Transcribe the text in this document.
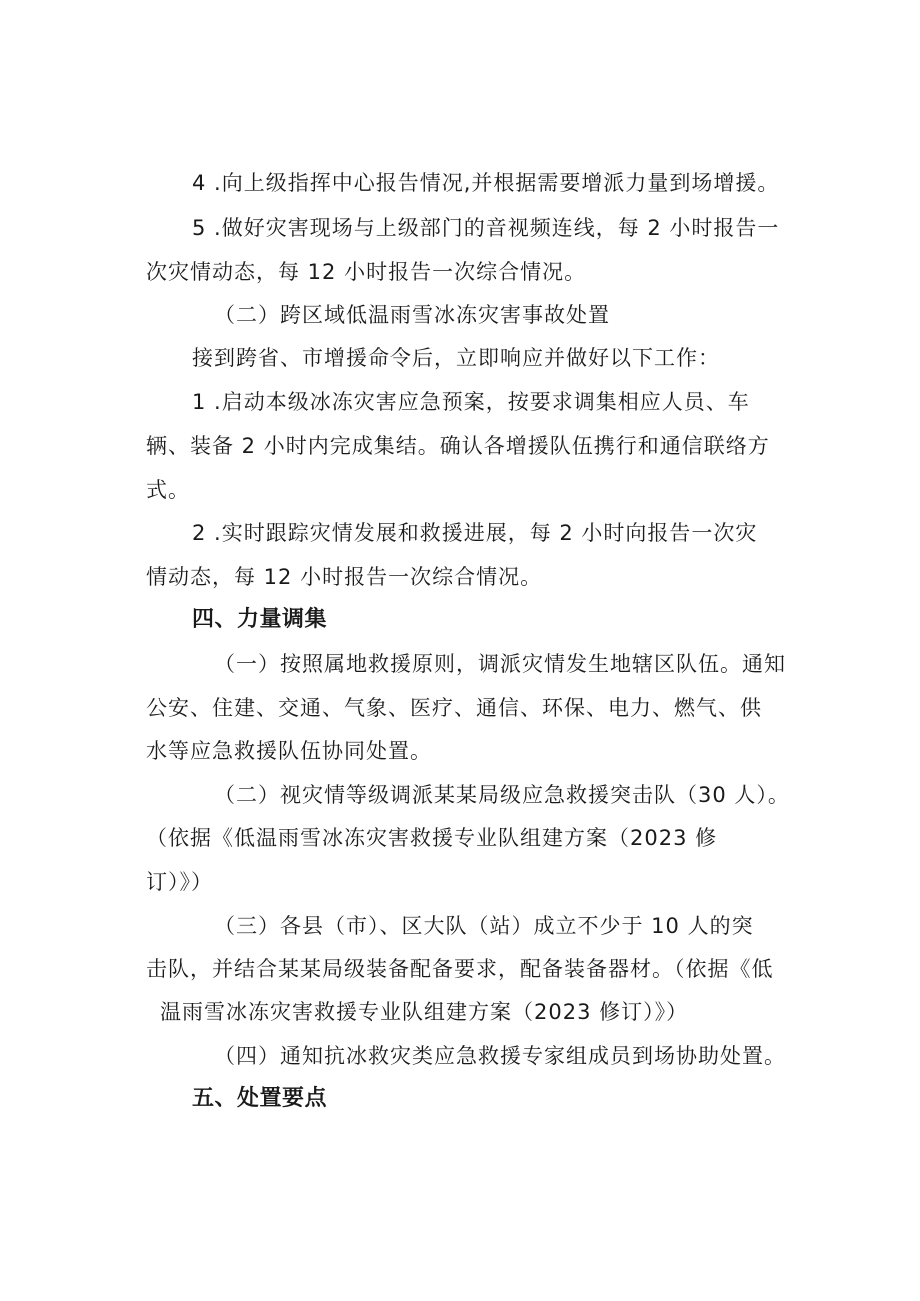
4 .向上级指挥中心报告情况,并根据需要增派力量到场增援。
5 .做好灾害现场与上级部门的音视频连线，每 2 小时报告一
次灾情动态，每 12 小时报告一次综合情况。
（二）跨区域低温雨雪冰冻灾害事故处置
接到跨省、市增援命令后，立即响应并做好以下工作：
1 .启动本级冰冻灾害应急预案，按要求调集相应人员、车
辆、装备 2 小时内完成集结。确认各增援队伍携行和通信联络方
式。
2 .实时跟踪灾情发展和救援进展，每 2 小时向报告一次灾
情动态，每 12 小时报告一次综合情况。
四、力量调集
（一）按照属地救援原则，调派灾情发生地辖区队伍。通知
公安、住建、交通、气象、医疗、通信、环保、电力、燃气、供
水等应急救援队伍协同处置。
（二）视灾情等级调派某某局级应急救援突击队（30 人）。
（依据《低温雨雪冰冻灾害救援专业队组建方案（2023 修
订）》）
（三）各县（市）、区大队（站）成立不少于 10 人的突
击队，并结合某某局级装备配备要求，配备装备器材。（依据《低
温雨雪冰冻灾害救援专业队组建方案（2023 修订）》）
（四）通知抗冰救灾类应急救援专家组成员到场协助处置。
五、处置要点
